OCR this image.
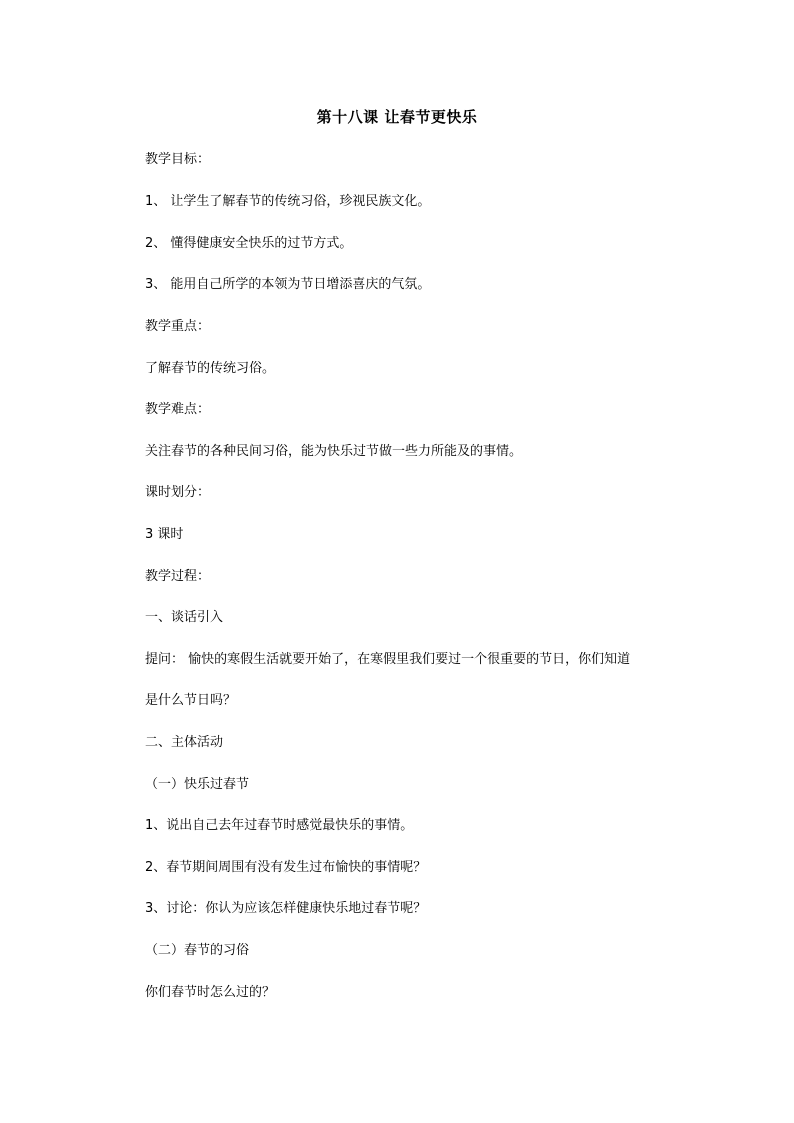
第十八课 让春节更快乐
教学目标：
1、 让学生了解春节的传统习俗，珍视民族文化。
2、 懂得健康安全快乐的过节方式。
3、 能用自己所学的本领为节日增添喜庆的气氛。
教学重点：
了解春节的传统习俗。
教学难点：
关注春节的各种民间习俗，能为快乐过节做一些力所能及的事情。
课时划分：
3 课时
教学过程：
一、谈话引入
提问： 愉快的寒假生活就要开始了，在寒假里我们要过一个很重要的节日，你们知道
是什么节日吗？
二、主体活动
（一）快乐过春节
1、说出自己去年过春节时感觉最快乐的事情。
2、春节期间周围有没有发生过布愉快的事情呢？
3、讨论：你认为应该怎样健康快乐地过春节呢？
（二）春节的习俗
你们春节时怎么过的？
